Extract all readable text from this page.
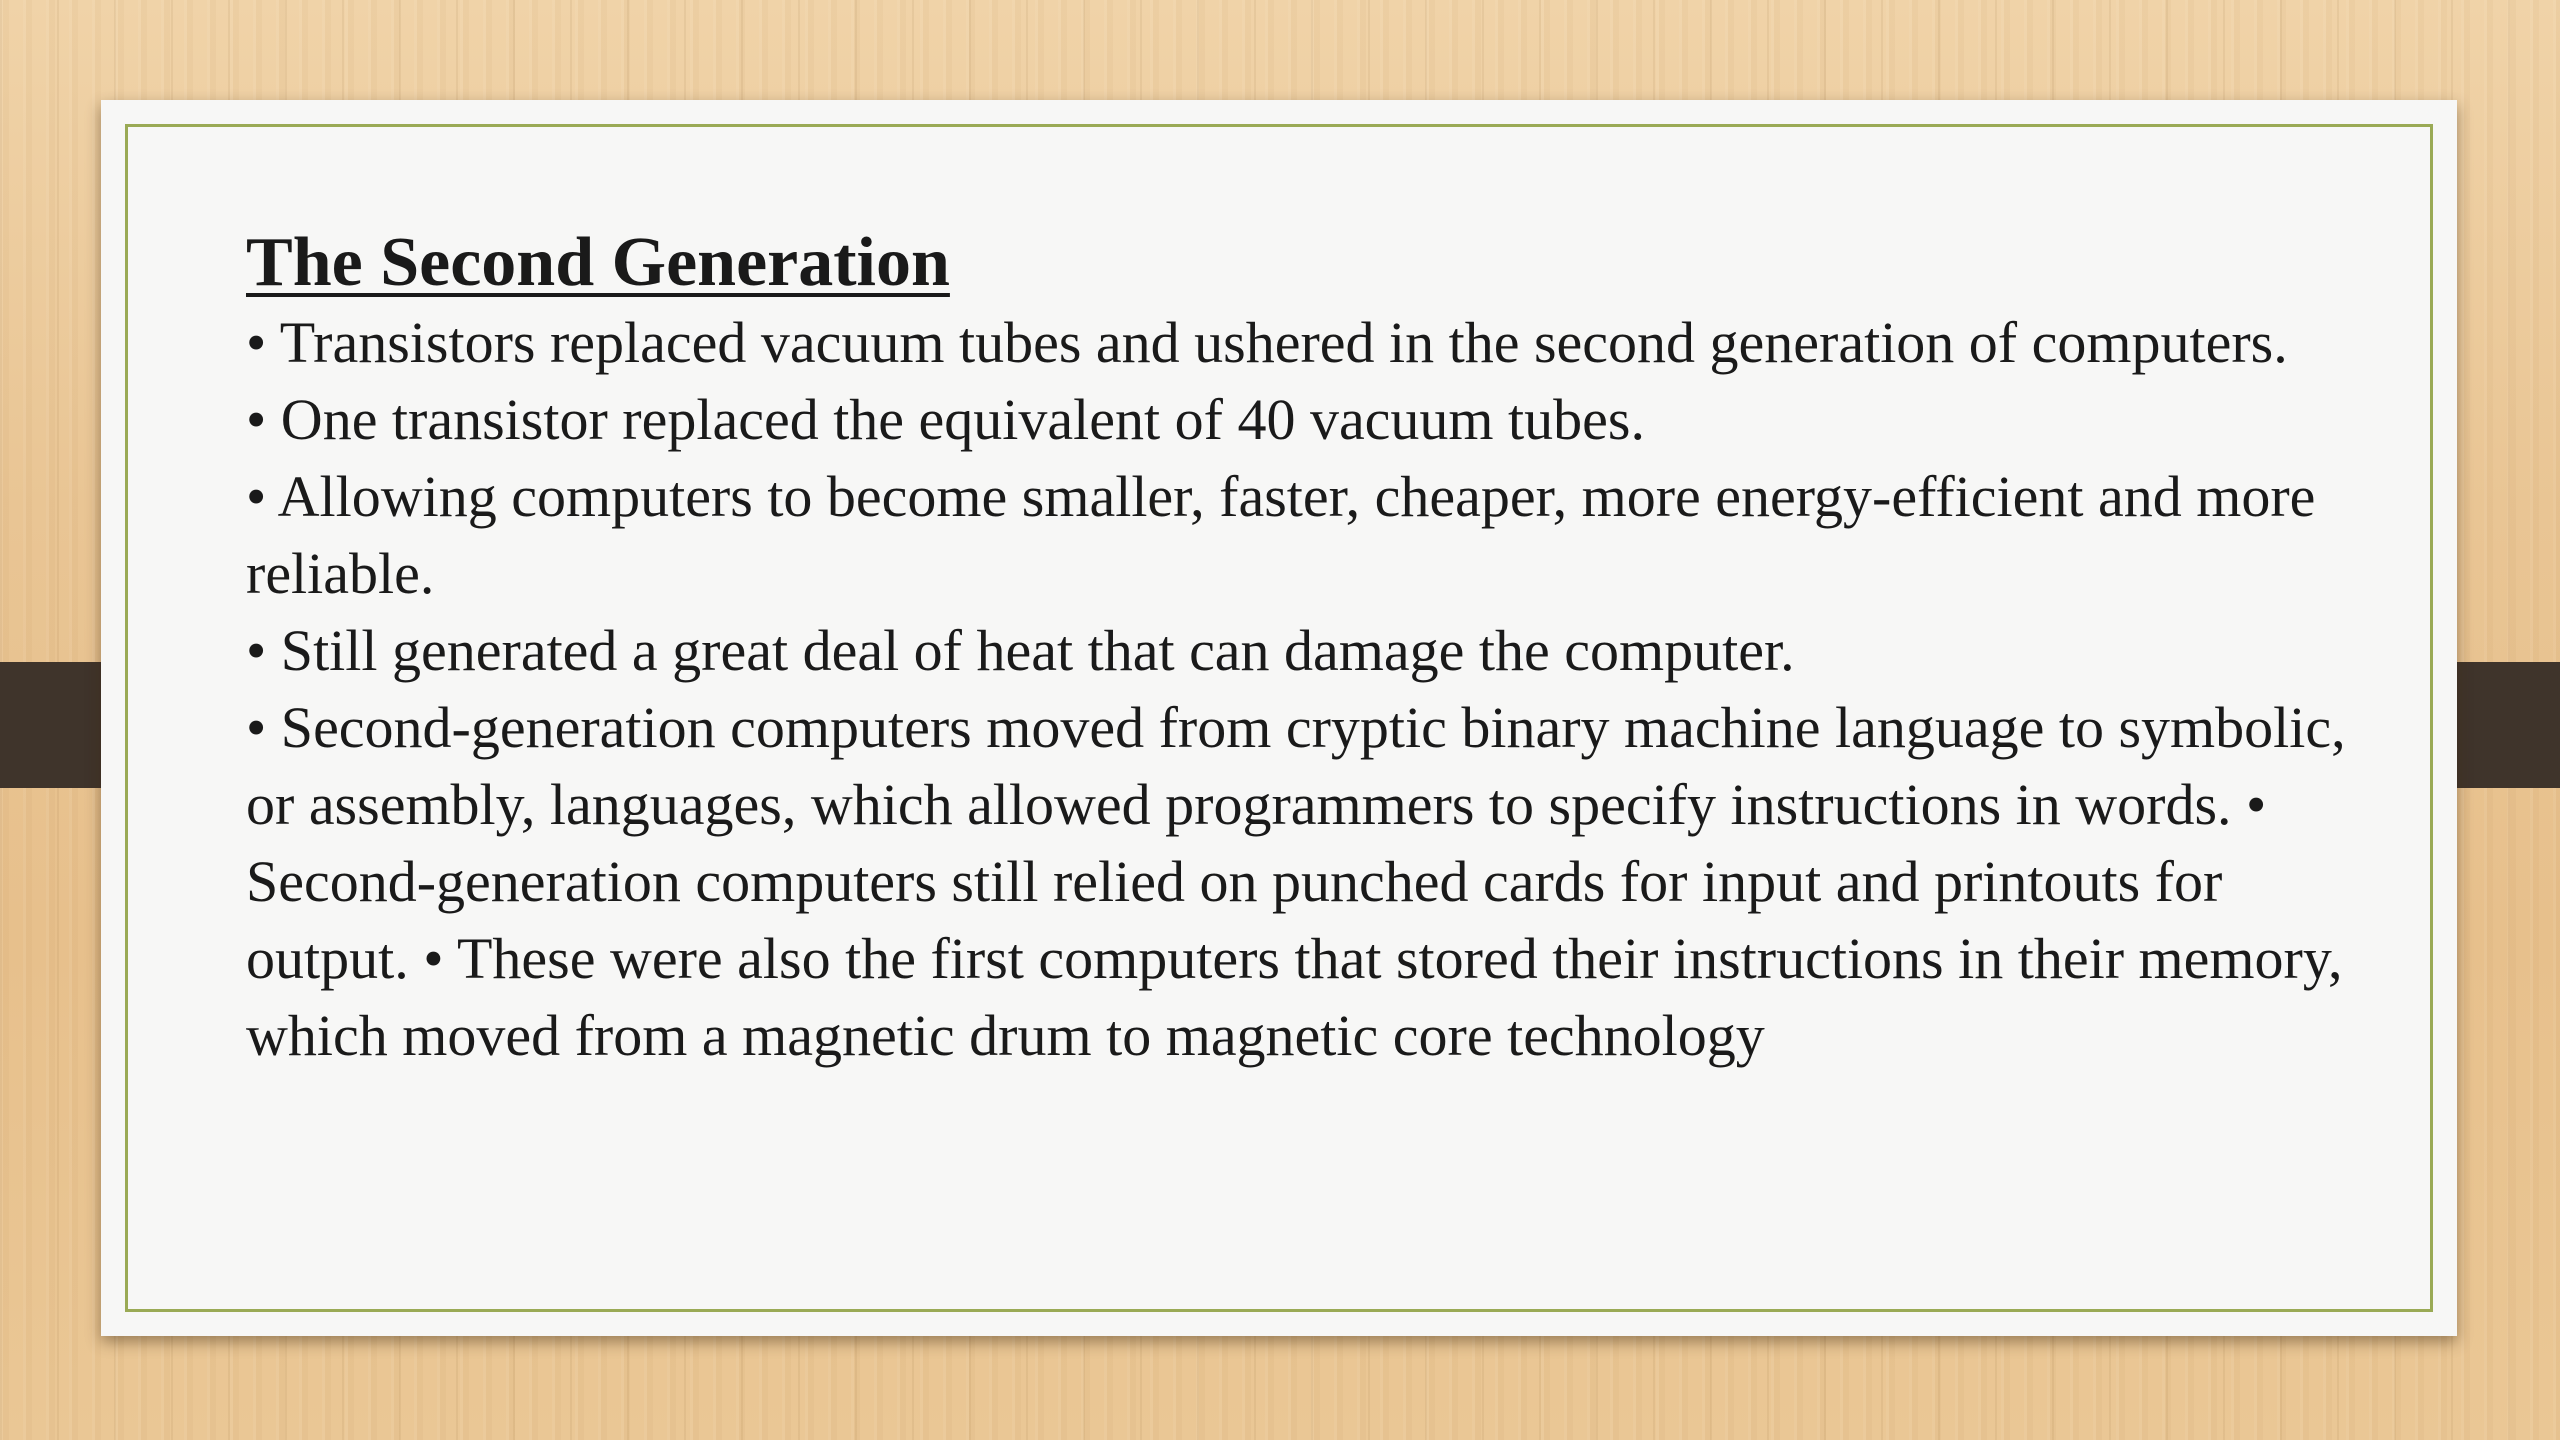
The Second Generation

• Transistors replaced vacuum tubes and ushered in the second generation of computers.

• One transistor replaced the equivalent of 40 vacuum tubes.

• Allowing computers to become smaller, faster, cheaper, more energy-efficient and more reliable.

• Still generated a great deal of heat that can damage the computer.

• Second-generation computers moved from cryptic binary machine language to symbolic, or assembly, languages, which allowed programmers to specify instructions in words. • Second-generation computers still relied on punched cards for input and printouts for output. • These were also the first computers that stored their instructions in their memory, which moved from a magnetic drum to magnetic core technology
